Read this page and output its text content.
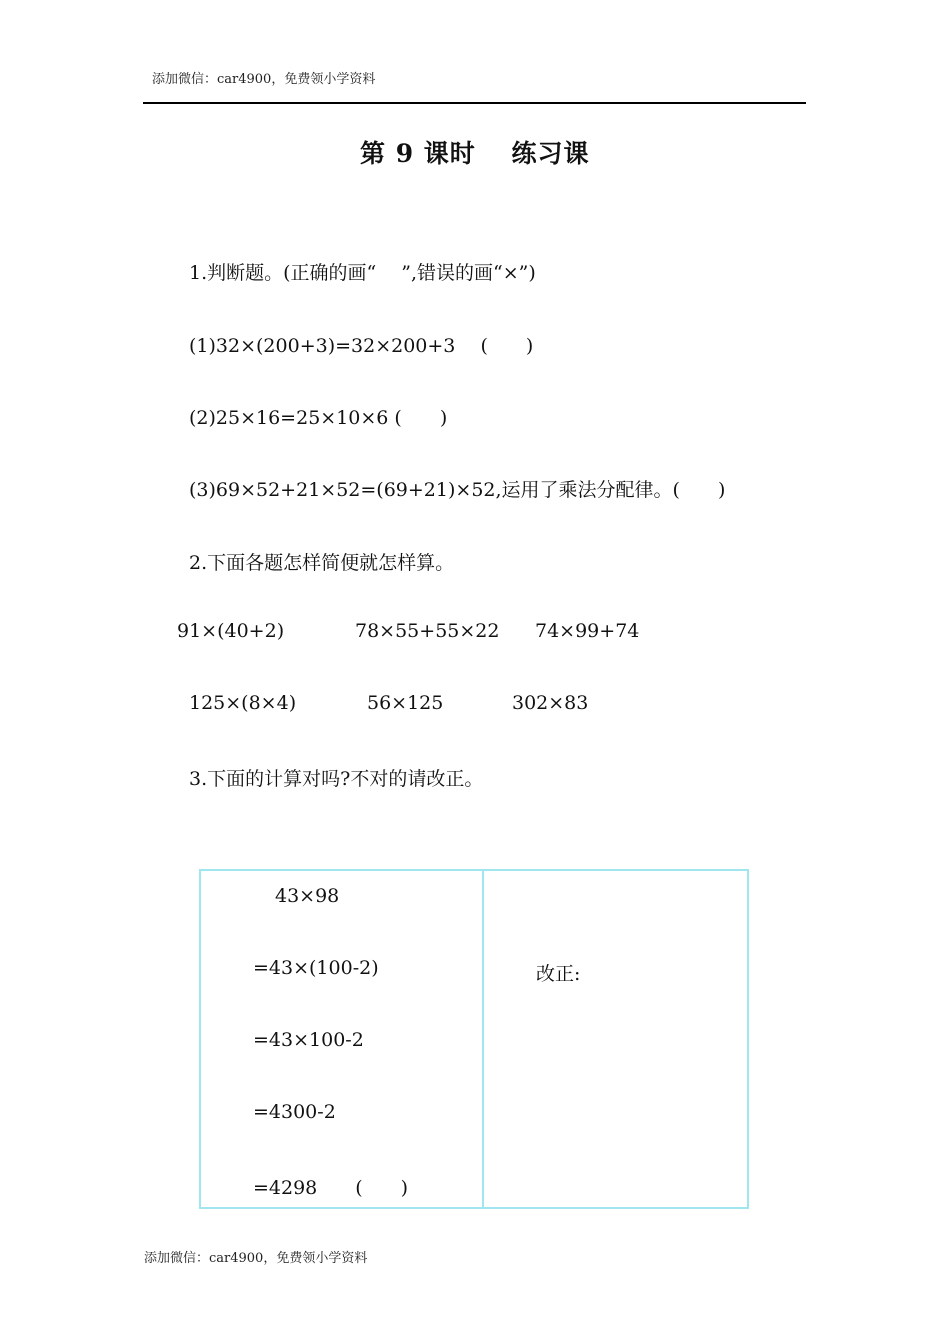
添加微信：car4900，免费领小学资料
第 9 课时　 练习课
1.判断题。(正确的画“　 ”,错误的画“×”)
(1)32×(200+3)=32×200+3　 (　　)
(2)25×16=25×10×6 (　　)
(3)69×52+21×52=(69+21)×52,运用了乘法分配律。(　　)
2.下面各题怎样简便就怎样算。
91×(40+2)	78×55+55×22 74×99+74
125×(8×4)	56×125	302×83
3.下面的计算对吗?不对的请改正。
43×98
=43×(100-2)
=43×100-2
=4300-2
=4298　　(　　)
改正:
添加微信：car4900，免费领小学资料
